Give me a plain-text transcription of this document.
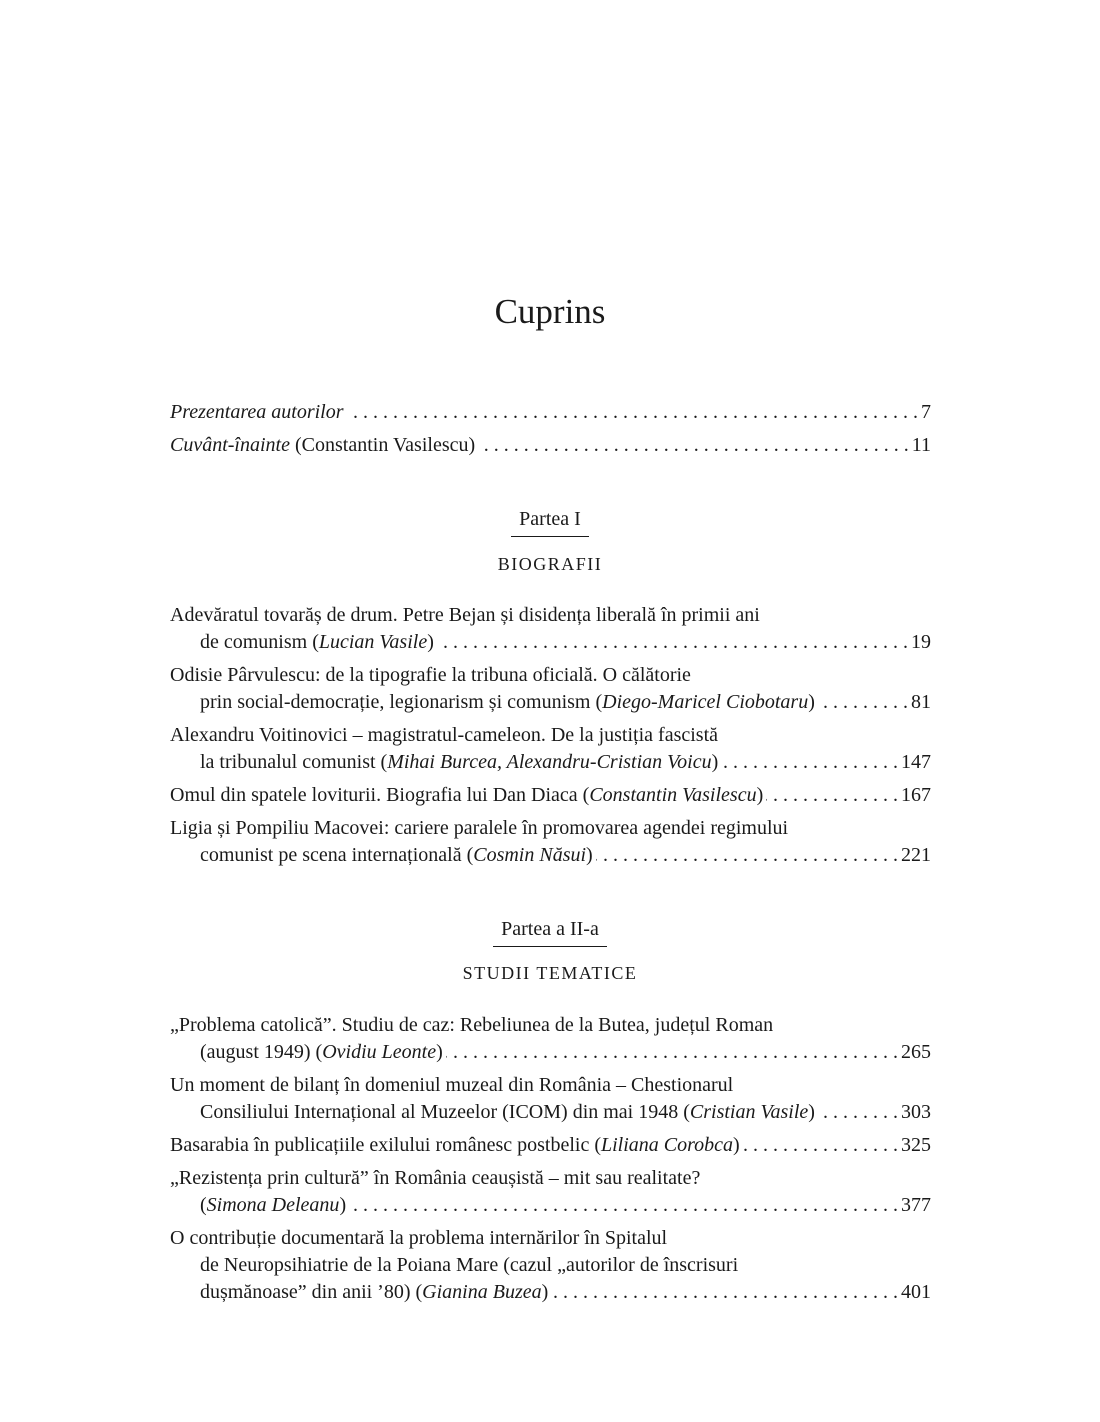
Cuprins
Prezentarea autorilor . . .	7
Cuvânt-înainte (Constantin Vasilescu) . . .	11
Partea I
BIOGRAFII
Adevăratul tovarăș de drum. Petre Bejan și disidența liberală în primii ani
de comunism (Lucian Vasile) . . .	19
Odisie Pârvulescu: de la tipografie la tribuna oficială. O călătorie
prin social-democrație, legionarism și comunism (Diego-Maricel Ciobotaru) . . .	81
Alexandru Voitinovici – magistratul-cameleon. De la justiția fascistă
la tribunalul comunist (Mihai Burcea, Alexandru-Cristian Voicu) . . .	147
Omul din spatele loviturii. Biografia lui Dan Diaca (Constantin Vasilescu) . . .	167
Ligia și Pompiliu Macovei: cariere paralele în promovarea agendei regimului
comunist pe scena internațională (Cosmin Năsui) . . .	221
Partea a II-a
STUDII TEMATICE
„Problema catolică”. Studiu de caz: Rebeliunea de la Butea, județul Roman
(august 1949) (Ovidiu Leonte) . . .	265
Un moment de bilanț în domeniul muzeal din România – Chestionarul
Consiliului Internațional al Muzeelor (ICOM) din mai 1948 (Cristian Vasile) . . .	303
Basarabia în publicațiile exilului românesc postbelic (Liliana Corobca) . . .	325
„Rezistența prin cultură” în România ceaușistă – mit sau realitate?
(Simona Deleanu) . . .	377
O contribuție documentară la problema internărilor în Spitalul
de Neuropsihiatrie de la Poiana Mare (cazul „autorilor de înscrisuri
dușmănoase” din anii ’80) (Gianina Buzea) . . .	401
